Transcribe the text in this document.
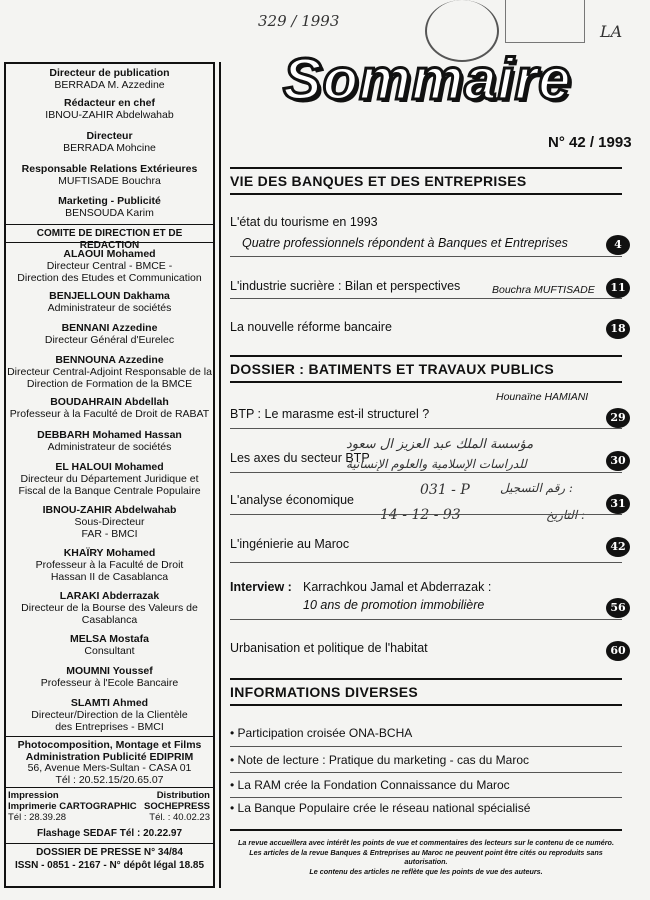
329 / 1993
LA
Sommaire
N° 42 / 1993
Directeur de publication
BERRADA M. Azzedine
Rédacteur en chef
IBNOU-ZAHIR Abdelwahab
Directeur
BERRADA Mohcine
Responsable Relations Extérieures
MUFTISADE Bouchra
Marketing - Publicité
BENSOUDA Karim
COMITE DE DIRECTION ET DE REDACTION
ALAOUI Mohamed
Directeur Central - BMCE -
Direction des Etudes et Communication
BENJELLOUN Dakhama
Administrateur de sociétés
BENNANI Azzedine
Directeur Général d'Eurelec
BENNOUNA Azzedine
Directeur Central-Adjoint Responsable de la
Direction de Formation de la BMCE
BOUDAHRAIN Abdellah
Professeur à la Faculté de Droit de RABAT
DEBBARH Mohamed Hassan
Administrateur de sociétés
EL HALOUI Mohamed
Directeur du Département Juridique et
Fiscal de la Banque Centrale Populaire
IBNOU-ZAHIR Abdelwahab
Sous-Directeur
FAR - BMCI
KHAÏRY Mohamed
Professeur à la Faculté de Droit
Hassan II de Casablanca
LARAKI Abderrazak
Directeur de la Bourse des Valeurs de
Casablanca
MELSA Mostafa
Consultant
MOUMNI Youssef
Professeur à l'Ecole Bancaire
SLAMTI Ahmed
Directeur/Direction de la Clientèle
des Entreprises - BMCI
Photocomposition, Montage et Films
Administration Publicité EDIPRIM
56, Avenue Mers-Sultan - CASA 01
Tél : 20.52.15/20.65.07
Impression
Imprimerie CARTOGRAPHIC
Tél : 28.39.28
Distribution
SOCHEPRESS
Tél. : 40.02.23
Flashage SEDAF Tél : 20.22.97
DOSSIER DE PRESSE N° 34/84
ISSN - 0851 - 2167 - N° dépôt légal 18.85
VIE DES BANQUES ET DES ENTREPRISES
L'état du tourisme en 1993
Quatre professionnels répondent à Banques et Entreprises	4
L'industrie sucrière : Bilan et perspectives	Bouchra MUFTISADE	11
La nouvelle réforme bancaire	18
DOSSIER : BATIMENTS ET TRAVAUX PUBLICS
Hounaïne HAMIANI
BTP : Le marasme est-il structurel ?	29
مؤسسة الملك عبد العزيز ال سعود
Les axes du secteur BTP
للدراسات الإسلامية والعلوم الإنسانية	30
رقم التسجيل :
031 - P
L'analyse économique	31
التاريخ :
14 - 12 - 93
L'ingénierie au Maroc	42
Interview : Karrachkou Jamal et Abderrazak :
10 ans de promotion immobilière	56
Urbanisation et politique de l'habitat	60
INFORMATIONS DIVERSES
• Participation croisée ONA-BCHA
• Note de lecture : Pratique du marketing - cas du Maroc
• La RAM crée la Fondation Connaissance du Maroc
• La Banque Populaire crée le réseau national spécialisé
La revue accueillera avec intérêt les points de vue et commentaires des lecteurs sur le contenu de ce numéro.
Les articles de la revue Banques & Entreprises au Maroc ne peuvent point être cités ou reproduits sans autorisation.
Le contenu des articles ne reflète que les points de vue des auteurs.
